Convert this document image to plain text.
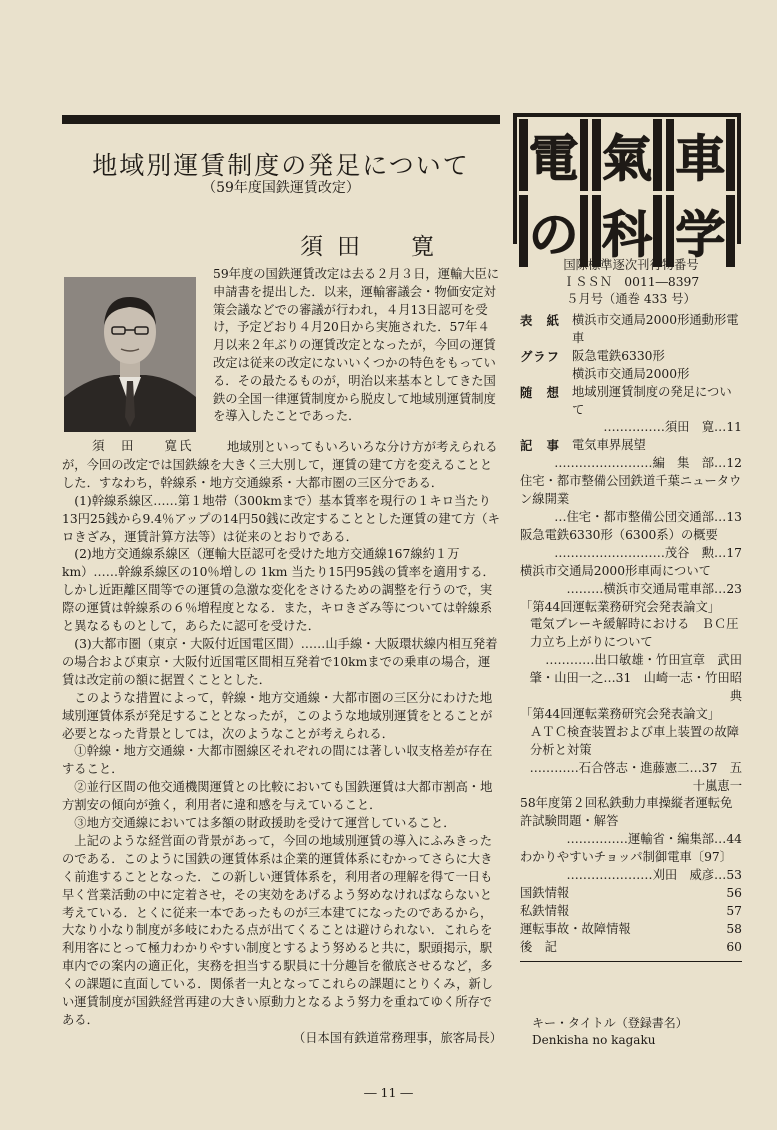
地域別運賃制度の発足について
（59年度国鉄運賃改定）
須田　寛
須　田　　寛氏

59年度の国鉄運賃改定は去る２月３日，運輸大臣に申請書を提出した．以来，運輸審議会・物価安定対策会議などでの審議が行われ，４月13日認可を受け，予定どおり４月20日から実施された．57年４月以来２年ぶりの運賃改定となったが，今回の運賃改定は従来の改定にないいくつかの特色をもっている．その最たるものが，明治以来基本としてきた国鉄の全国一律運賃制度から脱皮して地域別運賃制度を導入したことであった．

地域別といってもいろいろな分け方が考えられるが，今回の改定では国鉄線を大きく三大別して，運賃の建て方を変えることとした．すなわち，幹線系・地方交通線系・大都市圏の三区分である．

(1)幹線系線区……第１地帯（300kmまで）基本賃率を現行の１キロ当たり13円25銭から9.4％アップの14円50銭に改定することとした運賃の建て方（キロきざみ，運賃計算方法等）は従来のとおりである．

(2)地方交通線系線区（運輸大臣認可を受けた地方交通線167線約１万 km）……幹線系線区の10％増しの 1km 当たり15円95銭の賃率を適用する．しかし近距離区間等での運賃の急激な変化をさけるための調整を行うので，実際の運賃は幹線系の６％増程度となる．また，キロきざみ等については幹線系と異なるものとして，あらたに認可を受けた．

(3)大都市圏（東京・大阪付近国電区間）……山手線・大阪環状線内相互発着の場合および東京・大阪付近国電区間相互発着で10kmまでの乗車の場合，運賃は改定前の額に据置くこととした．

このような措置によって，幹線・地方交通線・大都市圏の三区分にわけた地域別運賃体系が発足することとなったが，このような地域別運賃をとることが必要となった背景としては，次のようなことが考えられる．

①幹線・地方交通線・大都市圏線区それぞれの間には著しい収支格差が存在すること．

②並行区間の他交通機関運賃との比較においても国鉄運賃は大都市割高・地方割安の傾向が強く，利用者に違和感を与えていること．

③地方交通線においては多額の財政援助を受けて運営していること．

上記のような経営面の背景があって，今回の地域別運賃の導入にふみきったのである．このように国鉄の運賃体系は企業的運賃体系にむかってさらに大きく前進することとなった．この新しい運賃体系を，利用者の理解を得て一日も早く営業活動の中に定着させ，その実効をあげるよう努めなければならないと考えている．とくに従来一本であったものが三本建てになったのであるから，大なり小なり制度が多岐にわたる点が出てくることは避けられない．これらを利用客にとって極力わかりやすい制度とするよう努めると共に，駅頭掲示，駅車内での案内の適正化，実務を担当する駅員に十分趣旨を徹底させるなど，多くの課題に直面している．関係者一丸となってこれらの課題にとりくみ，新しい運賃制度が国鉄経営再建の大きい原動力となるよう努力を重ねてゆく所存である．

（日本国有鉄道常務理事，旅客局長）

― 11 ―
電 氣 車
の 科 学
国際標準逐次刊行物番号
ＩＳＳＮ　0011―8397
５月号（通巻 433 号）
表　紙 横浜市交通局2000形通動形電車
グラフ 阪急電鉄6330形
横浜市交通局2000形
随　想 地域別運賃制度の発足について
……………須田　寛…11
記　事 電気車界展望
……………………編　集　部…12
住宅・都市整備公団鉄道千葉ニュータウン線開業
…住宅・都市整備公団交通部…13
阪急電鉄6330形（6300系）の概要
………………………茂谷　勲…17
横浜市交通局2000形車両について
………横浜市交通局電車部…23
「第44回運転業務研究会発表論文」
電気ブレーキ緩解時における　ＢＣ圧力立ち上がりについて
…………出口敏雄・竹田宣章　武田　肇・山田一之…31　山崎一志・竹田昭典
「第44回運転業務研究会発表論文」
ＡＴＣ検査装置および車上装置の故障分析と対策
…………石合啓志・進藤憲二…37　五十嵐恵一
58年度第２回私鉄動力車操縦者運転免許試験問題・解答
……………運輸省・編集部…44
わかりやすいチョッパ制御電車〔97〕
…………………刈田　威彦…53
国鉄情報	56
私鉄情報	57
運転事故・故障情報	58
後　記	60
キー・タイトル（登録書名）
Denkisha no kagaku
